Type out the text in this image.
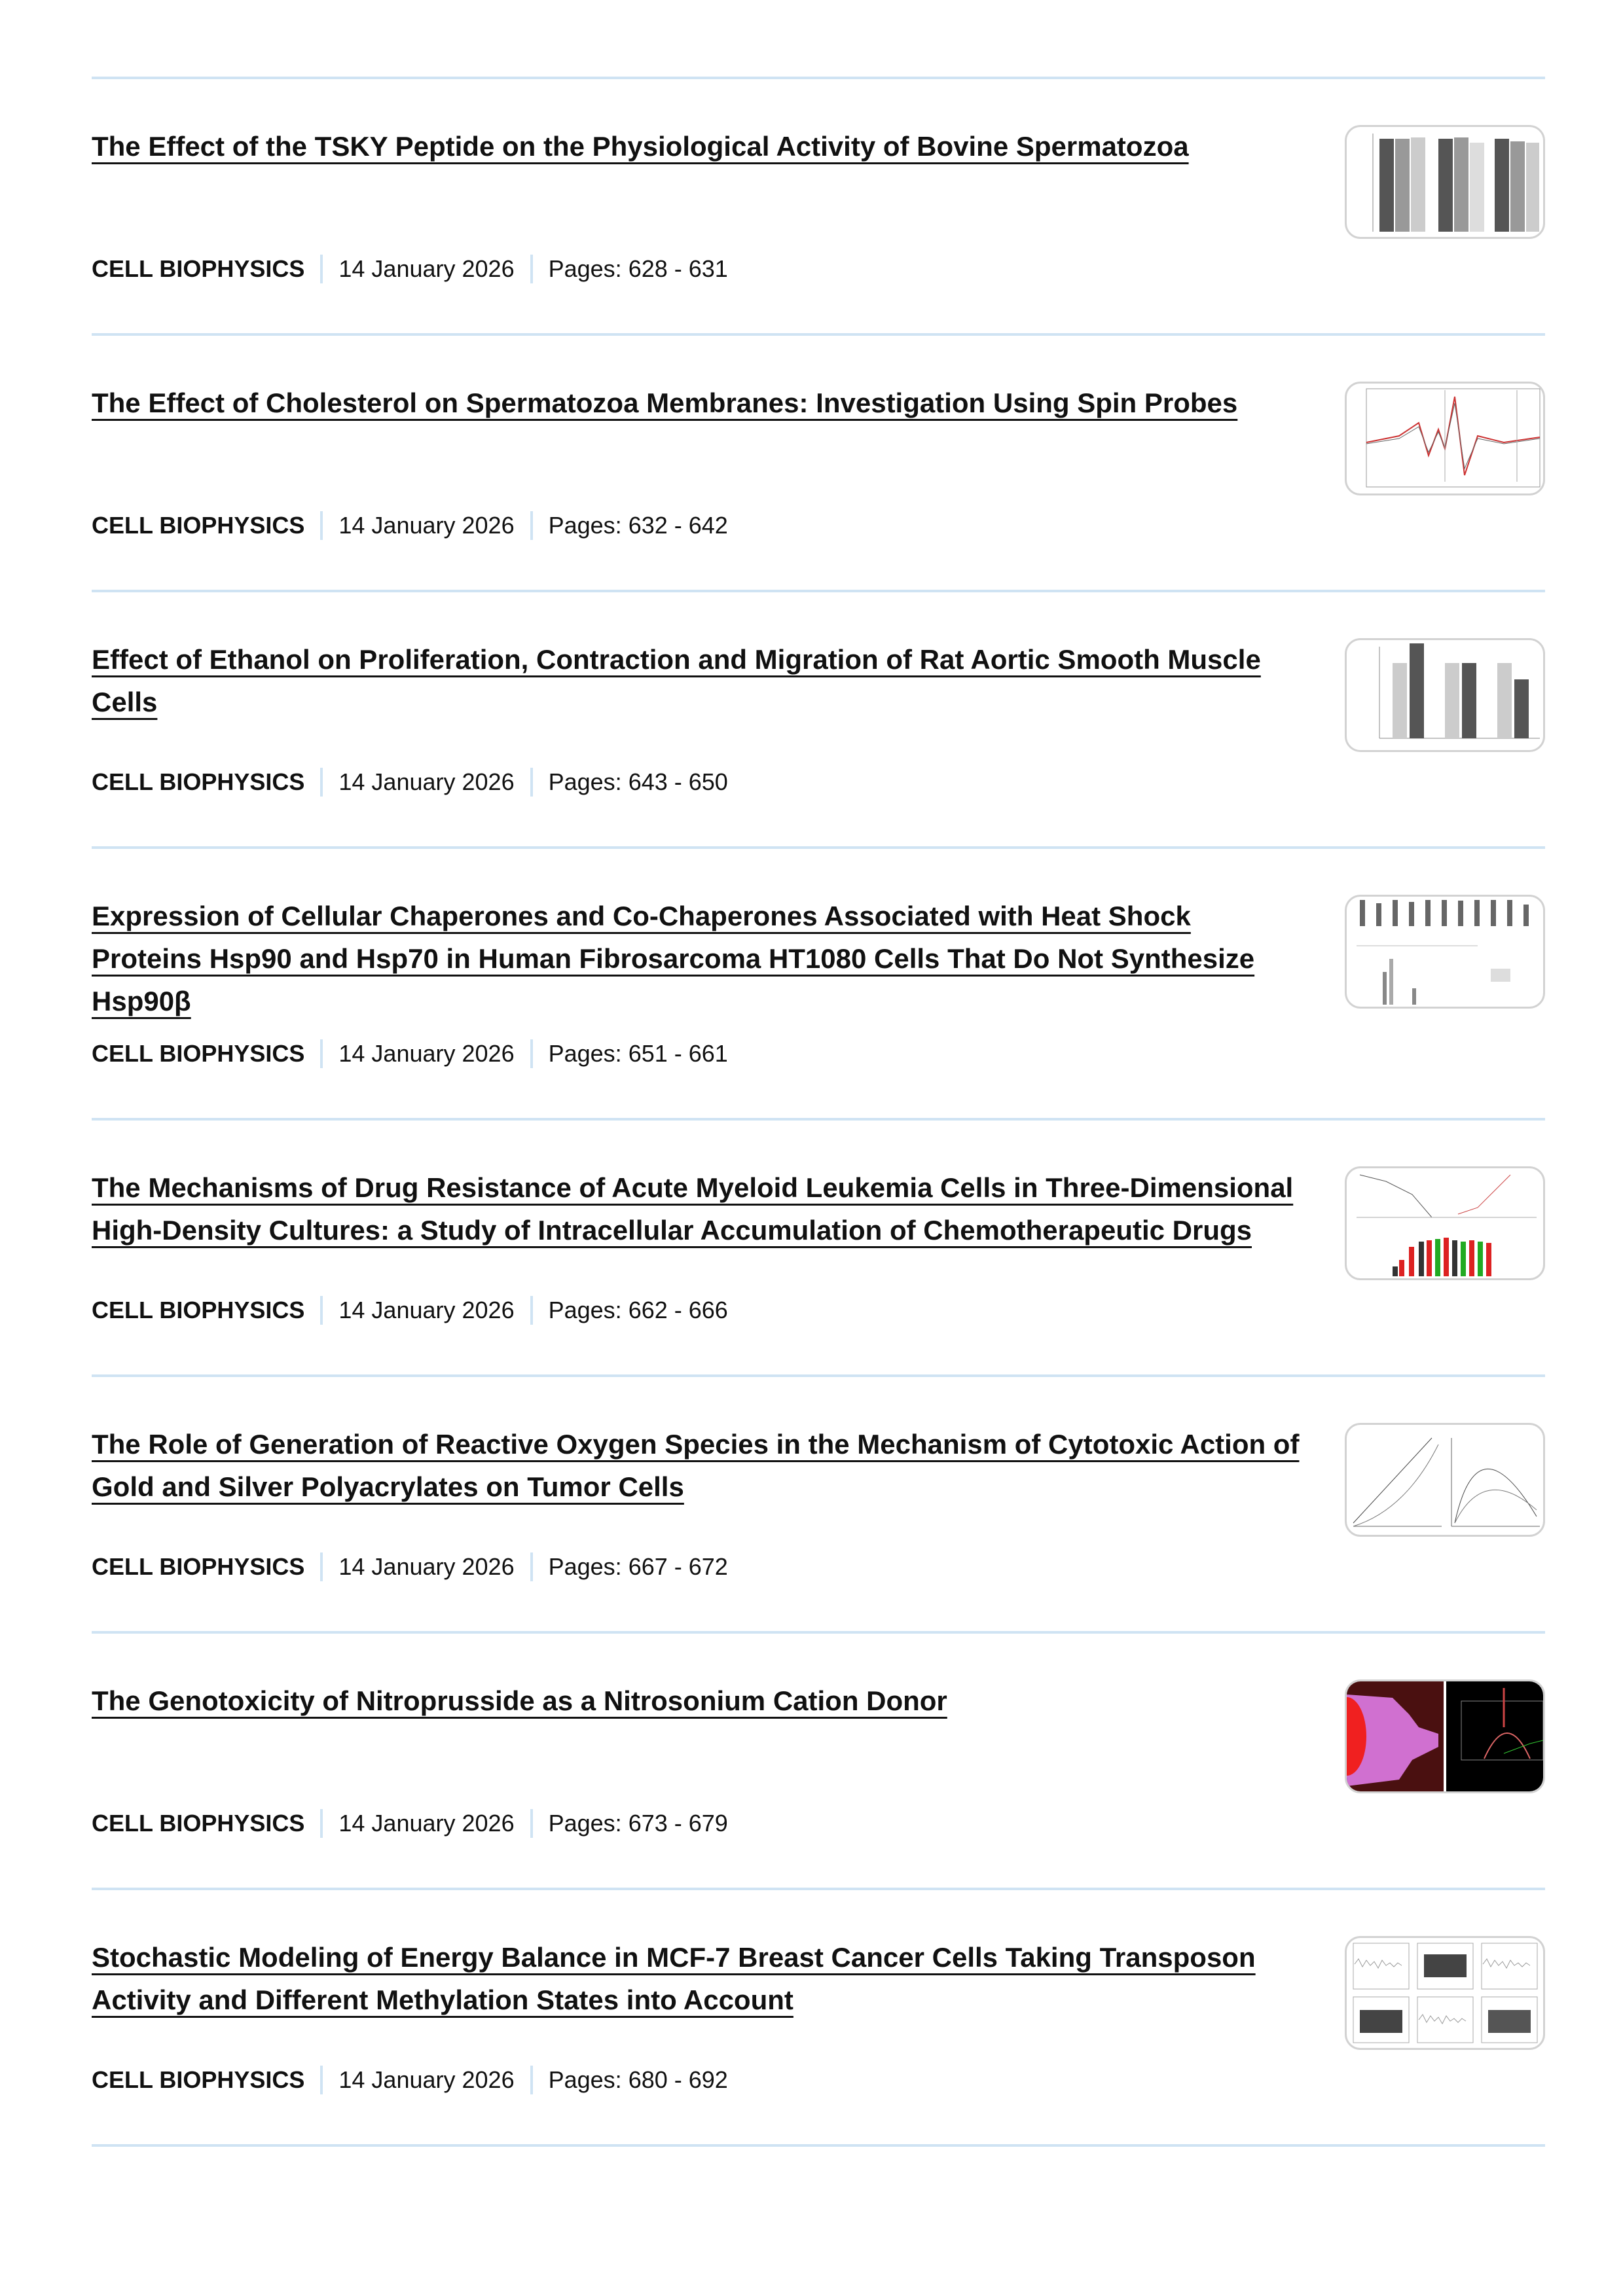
The Effect of the TSKY Peptide on the Physiological Activity of Bovine Spermatozoa
CELL BIOPHYSICS 14 January 2026 Pages: 628 - 631
The Effect of Cholesterol on Spermatozoa Membranes: Investigation Using Spin Probes
CELL BIOPHYSICS 14 January 2026 Pages: 632 - 642
Effect of Ethanol on Proliferation, Contraction and Migration of Rat Aortic Smooth Muscle Cells
CELL BIOPHYSICS 14 January 2026 Pages: 643 - 650
Expression of Cellular Chaperones and Co-Chaperones Associated with Heat Shock Proteins Hsp90 and Hsp70 in Human Fibrosarcoma HT1080 Cells That Do Not Synthesize Hsp90β
CELL BIOPHYSICS 14 January 2026 Pages: 651 - 661
The Mechanisms of Drug Resistance of Acute Myeloid Leukemia Cells in Three-Dimensional High-Density Cultures: a Study of Intracellular Accumulation of Chemotherapeutic Drugs
CELL BIOPHYSICS 14 January 2026 Pages: 662 - 666
The Role of Generation of Reactive Oxygen Species in the Mechanism of Cytotoxic Action of Gold and Silver Polyacrylates on Tumor Cells
CELL BIOPHYSICS 14 January 2026 Pages: 667 - 672
The Genotoxicity of Nitroprusside as a Nitrosonium Cation Donor
CELL BIOPHYSICS 14 January 2026 Pages: 673 - 679
Stochastic Modeling of Energy Balance in MCF-7 Breast Cancer Cells Taking Transposon Activity and Different Methylation States into Account
CELL BIOPHYSICS 14 January 2026 Pages: 680 - 692
